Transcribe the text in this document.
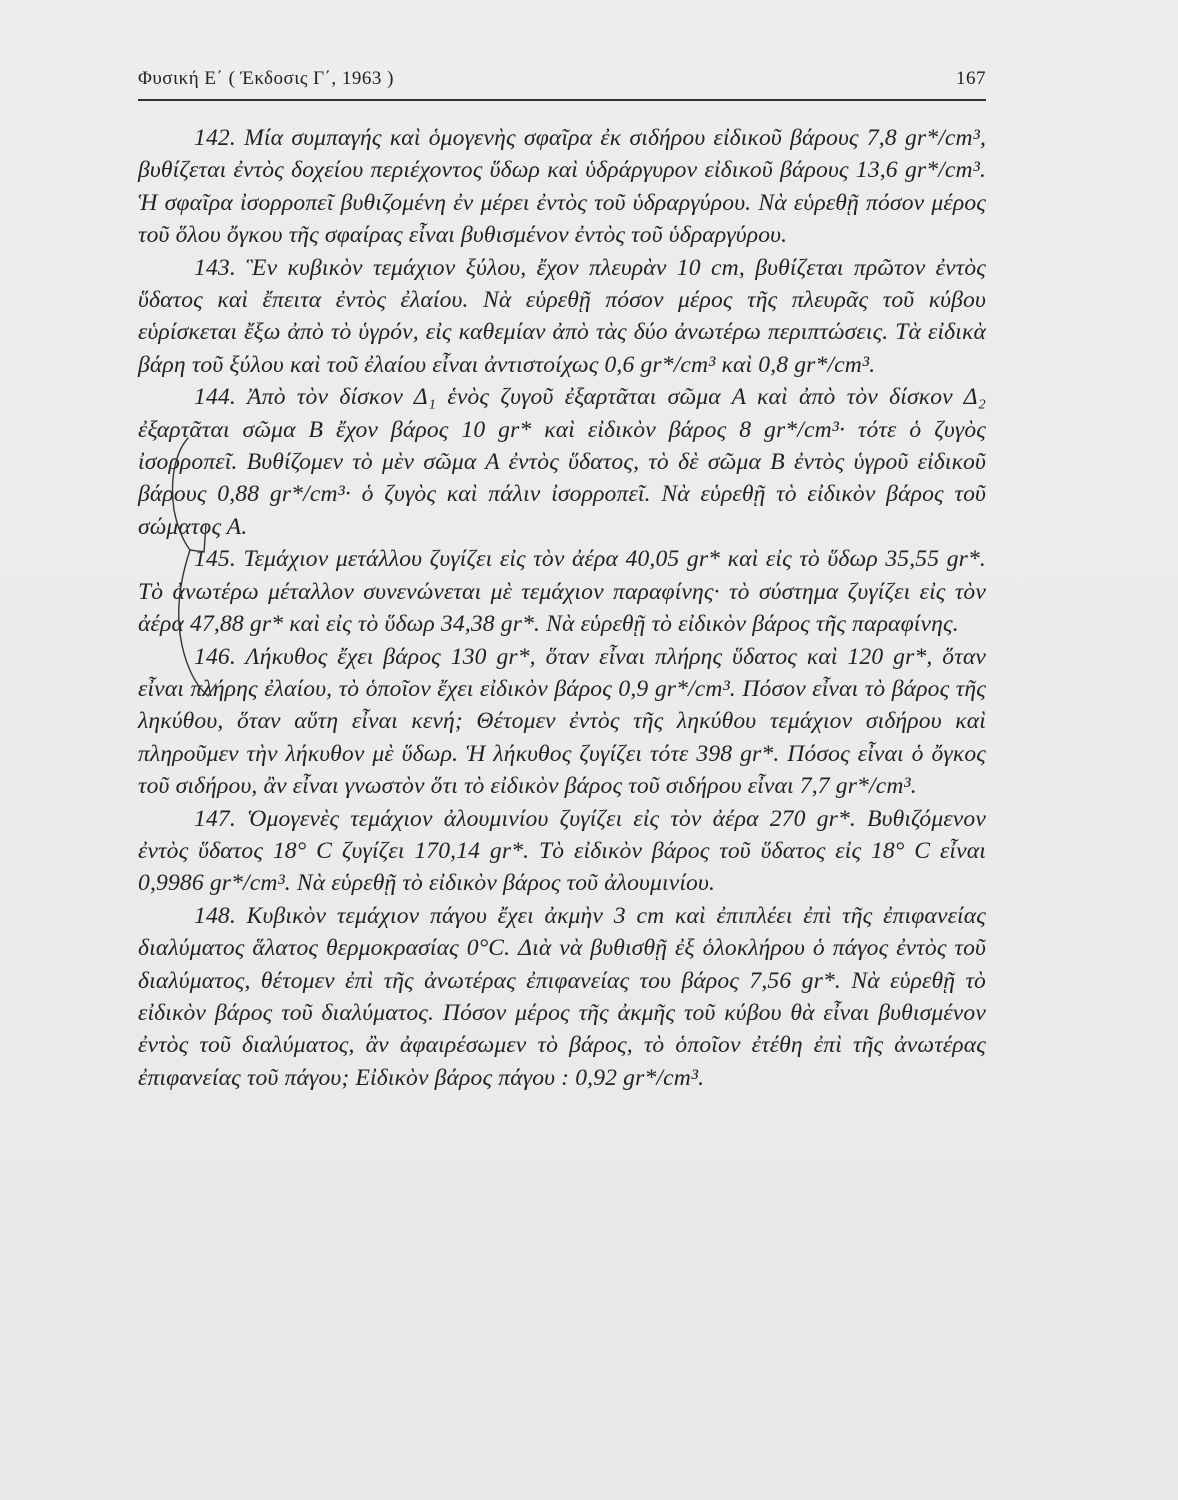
Φυσική Ε΄ ( Έκδοσις Γ΄, 1963 )	167

142. Μία συμπαγής καὶ ὁμογενὴς σφαῖρα ἐκ σιδήρου εἰδικοῦ βάρους 7,8 gr*/cm³, βυθίζεται ἐντὸς δοχείου περιέχοντος ὕδωρ καὶ ὑδράργυρον εἰδικοῦ βάρους 13,6 gr*/cm³. Ἡ σφαῖρα ἰσορροπεῖ βυθιζομένη ἐν μέρει ἐντὸς τοῦ ὑδραργύρου. Νὰ εὑρεθῇ πόσον μέρος τοῦ ὅλου ὄγκου τῆς σφαίρας εἶναι βυθισμένον ἐντὸς τοῦ ὑδραργύρου.

143. Ἓν κυβικὸν τεμάχιον ξύλου, ἔχον πλευρὰν 10 cm, βυθίζεται πρῶτον ἐντὸς ὕδατος καὶ ἔπειτα ἐντὸς ἐλαίου. Νὰ εὑρεθῇ πόσον μέρος τῆς πλευρᾶς τοῦ κύβου εὑρίσκεται ἔξω ἀπὸ τὸ ὑγρόν, εἰς καθεμίαν ἀπὸ τὰς δύο ἀνωτέρω περιπτώσεις. Τὰ εἰδικὰ βάρη τοῦ ξύλου καὶ τοῦ ἐλαίου εἶναι ἀντιστοίχως 0,6 gr*/cm³ καὶ 0,8 gr*/cm³.

144. Ἀπὸ τὸν δίσκον Δ₁ ἑνὸς ζυγοῦ ἐξαρτᾶται σῶμα Α καὶ ἀπὸ τὸν δίσκον Δ₂ ἐξαρτᾶται σῶμα Β ἔχον βάρος 10 gr* καὶ εἰδικὸν βάρος 8 gr*/cm³· τότε ὁ ζυγὸς ἰσορροπεῖ. Βυθίζομεν τὸ μὲν σῶμα Α ἐντὸς ὕδατος, τὸ δὲ σῶμα Β ἐντὸς ὑγροῦ εἰδικοῦ βάρους 0,88 gr*/cm³· ὁ ζυγὸς καὶ πάλιν ἰσορροπεῖ. Νὰ εὑρεθῇ τὸ εἰδικὸν βάρος τοῦ σώματος Α.

145. Τεμάχιον μετάλλου ζυγίζει εἰς τὸν ἀέρα 40,05 gr* καὶ εἰς τὸ ὕδωρ 35,55 gr*. Τὸ ἀνωτέρω μέταλλον συνενώνεται μὲ τεμάχιον παραφίνης· τὸ σύστημα ζυγίζει εἰς τὸν ἀέρα 47,88 gr* καὶ εἰς τὸ ὕδωρ 34,38 gr*. Νὰ εὑρεθῇ τὸ εἰδικὸν βάρος τῆς παραφίνης.

146. Λήκυθος ἔχει βάρος 130 gr*, ὅταν εἶναι πλήρης ὕδατος καὶ 120 gr*, ὅταν εἶναι πλήρης ἐλαίου, τὸ ὁποῖον ἔχει εἰδικὸν βάρος 0,9 gr*/cm³. Πόσον εἶναι τὸ βάρος τῆς ληκύθου, ὅταν αὕτη εἶναι κενή; Θέτομεν ἐντὸς τῆς ληκύθου τεμάχιον σιδήρου καὶ πληροῦμεν τὴν λήκυθον μὲ ὕδωρ. Ἡ λήκυθος ζυγίζει τότε 398 gr*. Πόσος εἶναι ὁ ὄγκος τοῦ σιδήρου, ἂν εἶναι γνωστὸν ὅτι τὸ εἰδικὸν βάρος τοῦ σιδήρου εἶναι 7,7 gr*/cm³.

147. Ὁμογενὲς τεμάχιον ἀλουμινίου ζυγίζει εἰς τὸν ἀέρα 270 gr*. Βυθιζόμενον ἐντὸς ὕδατος 18° C ζυγίζει 170,14 gr*. Τὸ εἰδικὸν βάρος τοῦ ὕδατος εἰς 18° C εἶναι 0,9986 gr*/cm³. Νὰ εὑρεθῇ τὸ εἰδικὸν βάρος τοῦ ἀλουμινίου.

148. Κυβικὸν τεμάχιον πάγου ἔχει ἀκμὴν 3 cm καὶ ἐπιπλέει ἐπὶ τῆς ἐπιφανείας διαλύματος ἅλατος θερμοκρασίας 0°C. Διὰ νὰ βυθισθῇ ἐξ ὁλοκλήρου ὁ πάγος ἐντὸς τοῦ διαλύματος, θέτομεν ἐπὶ τῆς ἀνωτέρας ἐπιφανείας του βάρος 7,56 gr*. Νὰ εὑρεθῇ τὸ εἰδικὸν βάρος τοῦ διαλύματος. Πόσον μέρος τῆς ἀκμῆς τοῦ κύβου θὰ εἶναι βυθισμένον ἐντὸς τοῦ διαλύματος, ἂν ἀφαιρέσωμεν τὸ βάρος, τὸ ὁποῖον ἐτέθη ἐπὶ τῆς ἀνωτέρας ἐπιφανείας τοῦ πάγου; Εἰδικὸν βάρος πάγου : 0,92 gr*/cm³.
